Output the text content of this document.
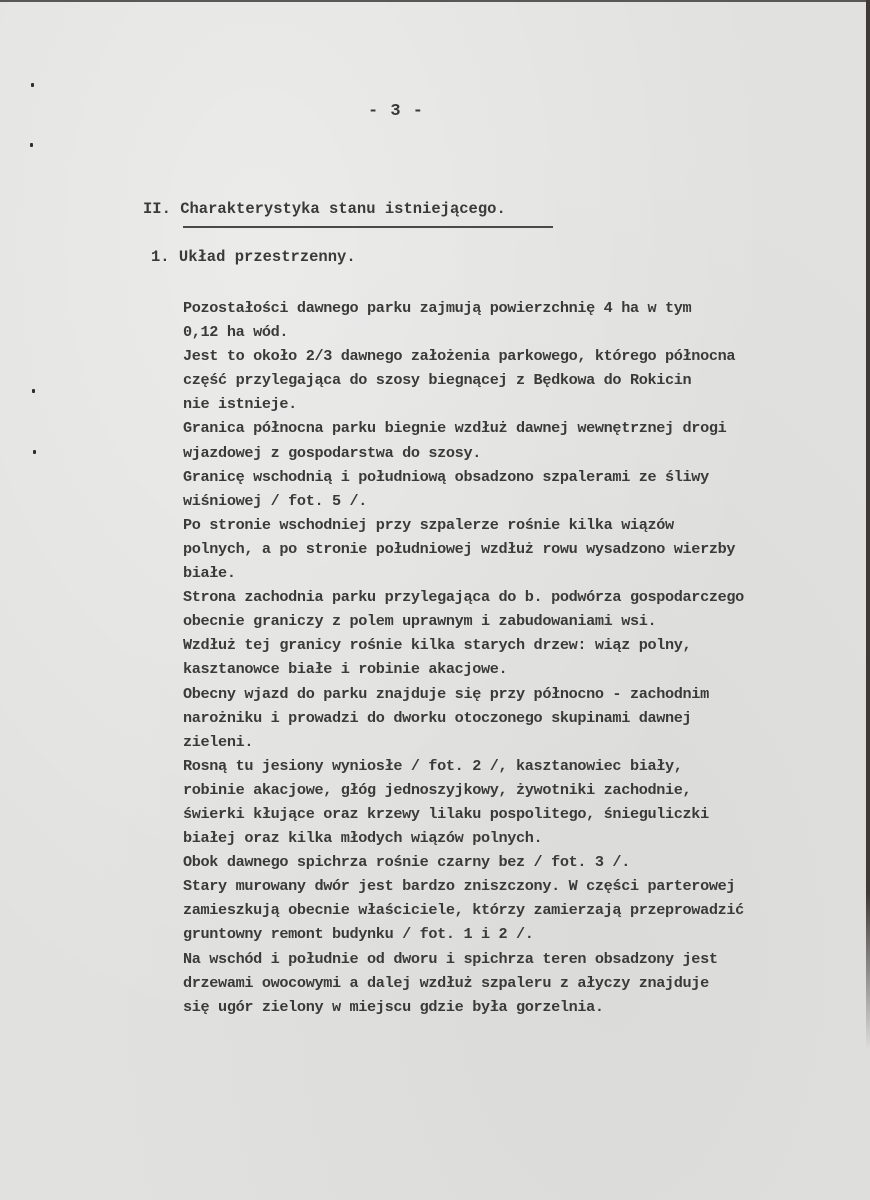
- 3 -
II. Charakterystyka stanu istniejącego.
1. Układ przestrzenny.
Pozostałości dawnego parku zajmują powierzchnię 4 ha w tym
0,12 ha wód.
Jest to około 2/3 dawnego założenia parkowego, którego północna
część przylegająca do szosy biegnącej z Będkowa do Rokicin
nie istnieje.
Granica północna parku biegnie wzdłuż dawnej wewnętrznej drogi
wjazdowej z gospodarstwa do szosy.
Granicę wschodnią i południową obsadzono szpalerami ze śliwy
wiśniowej / fot. 5 /.
Po stronie wschodniej przy szpalerze rośnie kilka wiązów
polnych, a po stronie południowej wzdłuż rowu wysadzono wierzby
białe.
Strona zachodnia parku przylegająca do b. podwórza gospodarczego
obecnie graniczy z polem uprawnym i zabudowaniami wsi.
Wzdłuż tej granicy rośnie kilka starych drzew: wiąz polny,
kasztanowce białe i robinie akacjowe.
Obecny wjazd do parku znajduje się przy północno - zachodnim
narożniku i prowadzi do dworku otoczonego skupinami dawnej
zieleni.
Rosną tu jesiony wyniosłe / fot. 2 /, kasztanowiec biały,
robinie akacjowe, głóg jednoszyjkowy, żywotniki zachodnie,
świerki kłujące oraz krzewy lilaku pospolitego, śnieguliczki
białej oraz kilka młodych wiązów polnych.
Obok dawnego spichrza rośnie czarny bez / fot. 3 /.
Stary murowany dwór jest bardzo zniszczony. W części parterowej
zamieszkują obecnie właściciele, którzy zamierzają przeprowadzić
gruntowny remont budynku / fot. 1 i 2 /.
Na wschód i południe od dworu i spichrza teren obsadzony jest
drzewami owocowymi a dalej wzdłuż szpaleru z ałyczy znajduje
się ugór zielony w miejscu gdzie była gorzelnia.
